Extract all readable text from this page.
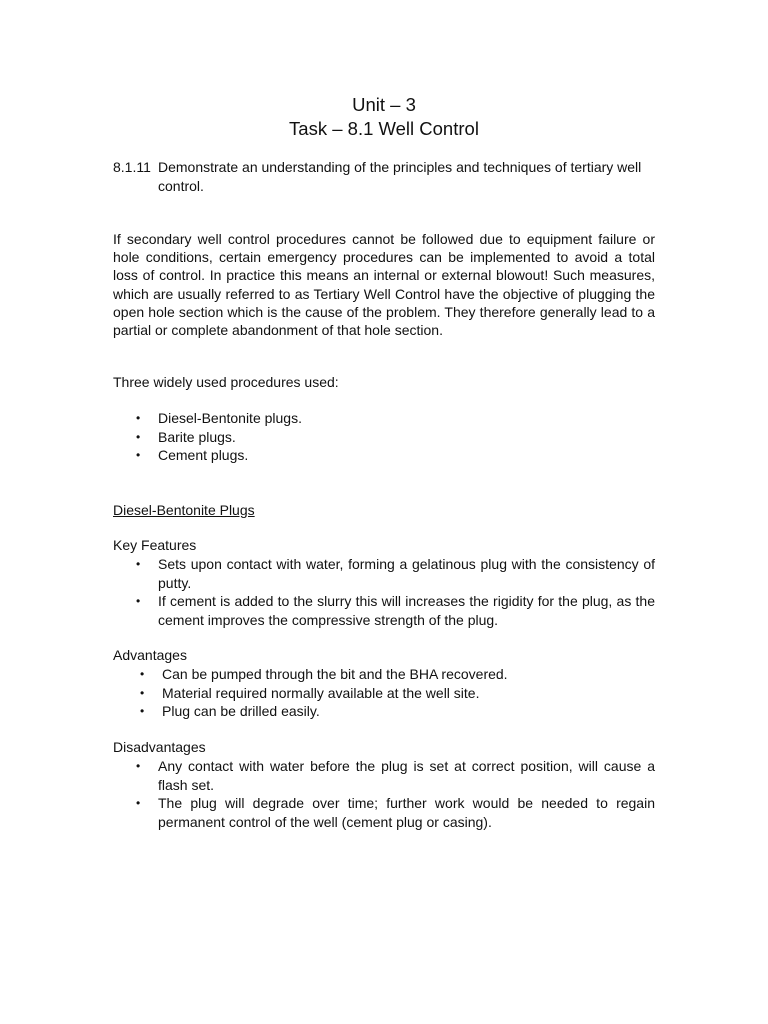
Unit – 3
Task – 8.1 Well Control
8.1.11 Demonstrate an understanding of the principles and techniques of tertiary well control.
If secondary well control procedures cannot be followed due to equipment failure or hole conditions, certain emergency procedures can be implemented to avoid a total loss of control. In practice this means an internal or external blowout! Such measures, which are usually referred to as Tertiary Well Control have the objective of plugging the open hole section which is the cause of the problem. They therefore generally lead to a partial or complete abandonment of that hole section.
Three widely used procedures used:
• Diesel-Bentonite plugs.
• Barite plugs.
• Cement plugs.
Diesel-Bentonite Plugs
Key Features
• Sets upon contact with water, forming a gelatinous plug with the consistency of putty.
• If cement is added to the slurry this will increases the rigidity for the plug, as the cement improves the compressive strength of the plug.
Advantages
• Can be pumped through the bit and the BHA recovered.
• Material required normally available at the well site.
• Plug can be drilled easily.
Disadvantages
• Any contact with water before the plug is set at correct position, will cause a flash set.
• The plug will degrade over time; further work would be needed to regain permanent control of the well (cement plug or casing).
